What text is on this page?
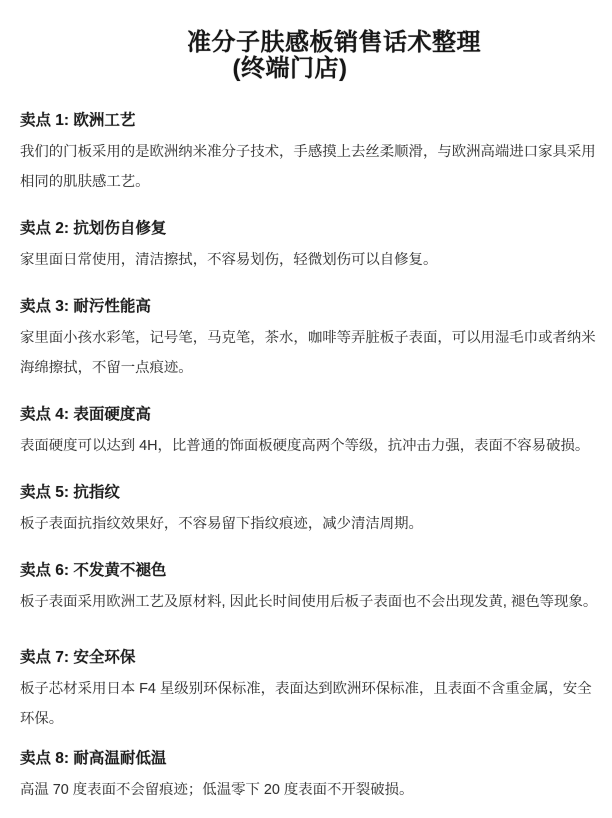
准分子肤感板销售话术整理
(终端门店)
卖点 1: 欧洲工艺
我们的门板采用的是欧洲纳米准分子技术，手感摸上去丝柔顺滑，与欧洲高端进口家具采用
相同的肌肤感工艺。
卖点 2: 抗划伤自修复
家里面日常使用，清洁擦拭，不容易划伤，轻微划伤可以自修复。
卖点 3: 耐污性能高
家里面小孩水彩笔，记号笔，马克笔，茶水，咖啡等弄脏板子表面，可以用湿毛巾或者纳米
海绵擦拭，不留一点痕迹。
卖点 4: 表面硬度高
表面硬度可以达到 4H，比普通的饰面板硬度高两个等级，抗冲击力强，表面不容易破损。
卖点 5: 抗指纹
板子表面抗指纹效果好，不容易留下指纹痕迹，减少清洁周期。
卖点 6: 不发黄不褪色
板子表面采用欧洲工艺及原材料, 因此长时间使用后板子表面也不会出现发黄, 褪色等现象。
卖点 7: 安全环保
板子芯材采用日本 F4 星级别环保标准，表面达到欧洲环保标准，且表面不含重金属，安全
环保。
卖点 8: 耐高温耐低温
高温 70 度表面不会留痕迹；低温零下 20 度表面不开裂破损。
